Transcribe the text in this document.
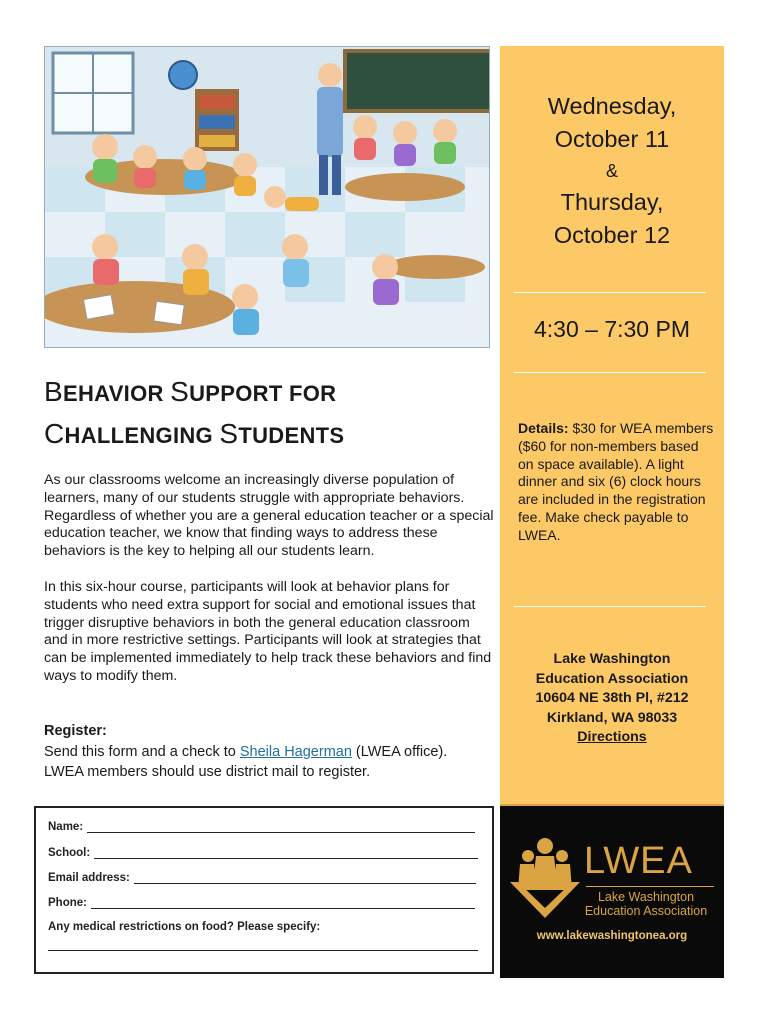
BEHAVIOR SUPPORT FOR
CHALLENGING STUDENTS

As our classrooms welcome an increasingly diverse population of learners, many of our students struggle with appropriate behaviors. Regardless of whether you are a general education teacher or a special education teacher, we know that finding ways to address these behaviors is the key to helping all our students learn.

In this six-hour course, participants will look at behavior plans for students who need extra support for social and emotional issues that trigger disruptive behaviors in both the general education classroom and in more restrictive settings. Participants will look at strategies that can be implemented immediately to help track these behaviors and find ways to modify them.

Register:

Send this form and a check to Sheila Hagerman (LWEA office).
LWEA members should use district mail to register.

Name:
School:
Email address:
Phone:
Any medical restrictions on food? Please specify:
Wednesday,
October 11
&
Thursday,
October 12
4:30 – 7:30 PM

Details: $30 for WEA members ($60 for non-members based on space available). A light dinner and six (6) clock hours are included in the registration fee. Make check payable to LWEA.

Lake Washington
Education Association
10604 NE 38th Pl, #212
Kirkland, WA 98033
Directions
LWEA
Lake Washington
Education Association
www.lakewashingtonea.org
